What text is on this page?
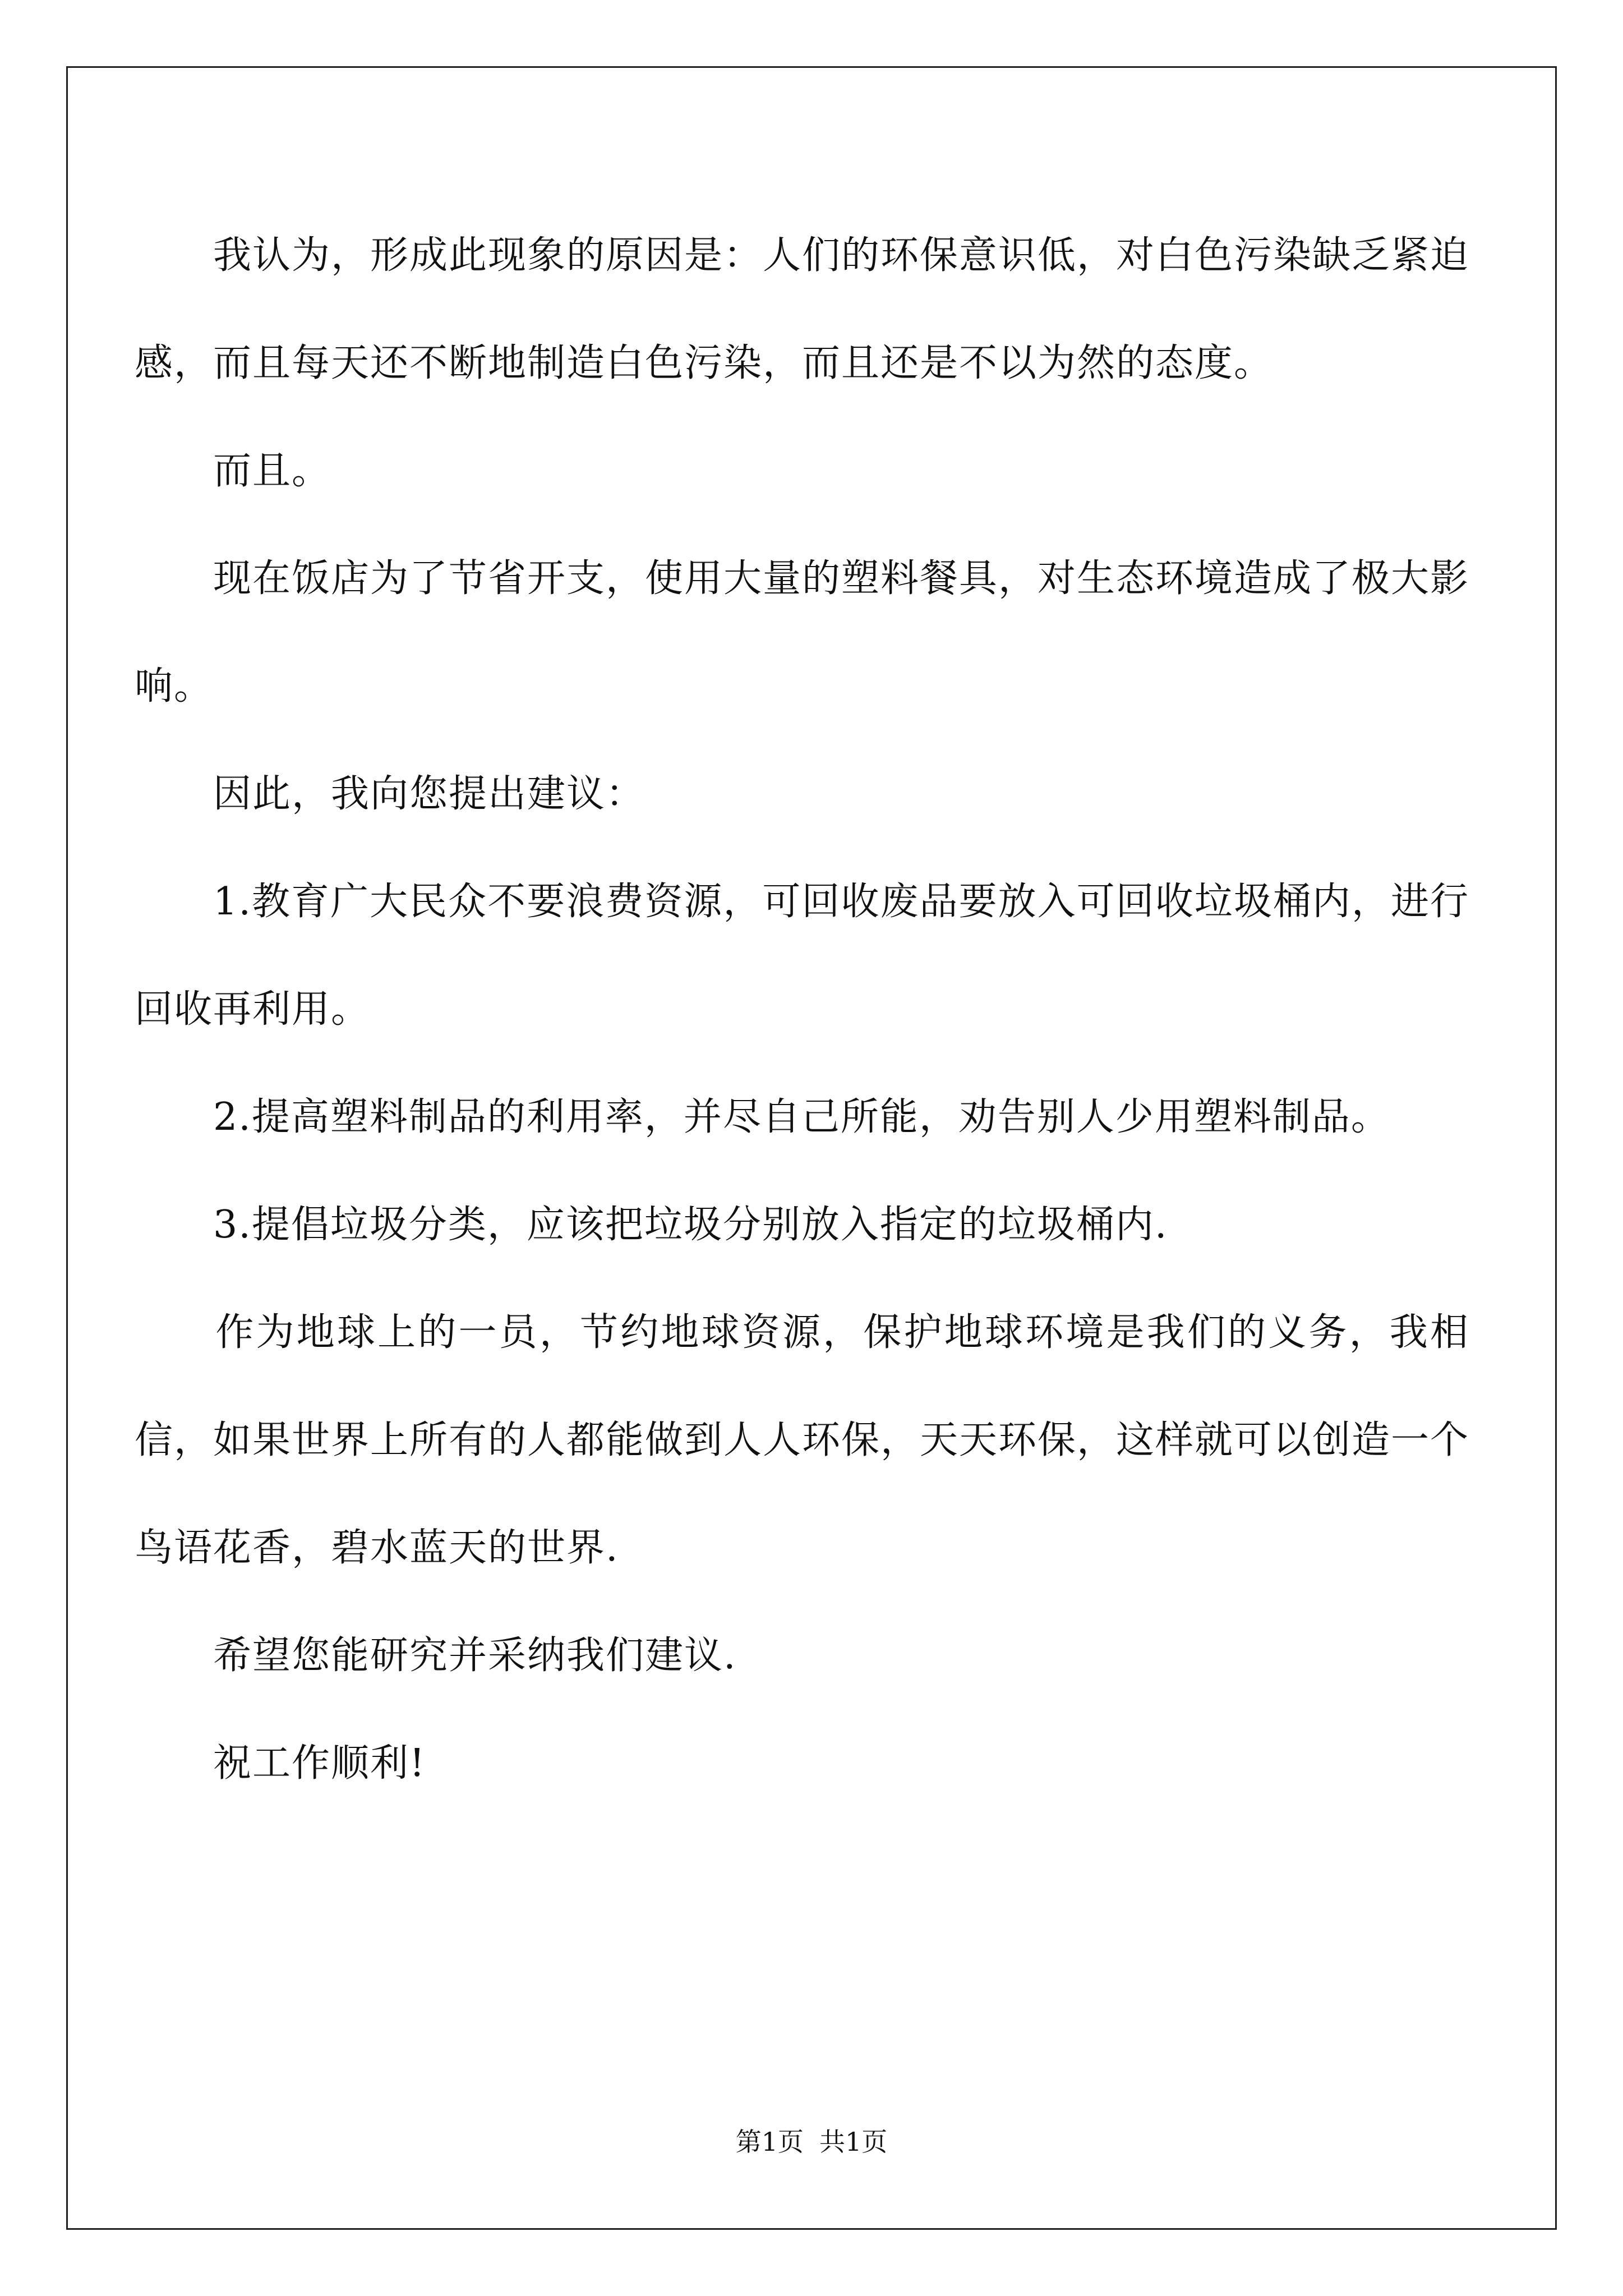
　　我认为，形成此现象的原因是：人们的环保意识低，对白色污染缺乏紧迫感，而且每天还不断地制造白色污染，而且还是不以为然的态度。

　　而且。

　　现在饭店为了节省开支，使用大量的塑料餐具，对生态环境造成了极大影响。

　　因此，我向您提出建议：

　　1.教育广大民众不要浪费资源，可回收废品要放入可回收垃圾桶内，进行回收再利用。

　　2.提高塑料制品的利用率，并尽自己所能，劝告别人少用塑料制品。

　　3.提倡垃圾分类，应该把垃圾分别放入指定的垃圾桶内.

　　作为地球上的一员，节约地球资源，保护地球环境是我们的义务，我相信，如果世界上所有的人都能做到人人环保，天天环保，这样就可以创造一个鸟语花香，碧水蓝天的世界.

　　希望您能研究并采纳我们建议.

　　祝工作顺利!

第1页 共1页
